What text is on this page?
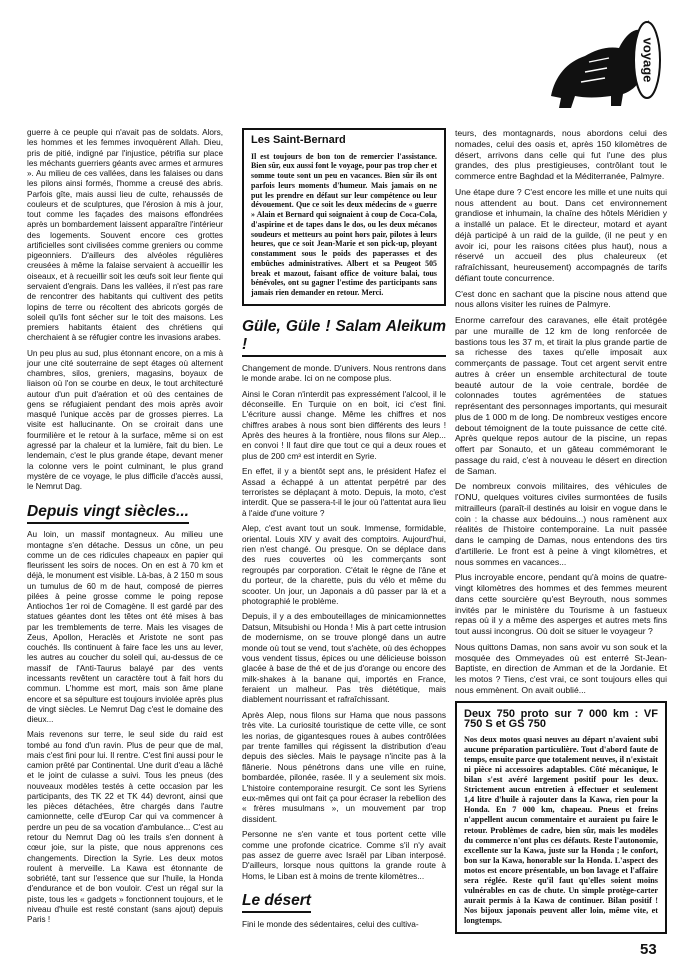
voyage

guerre à ce peuple qui n'avait pas de soldats. Alors, les hommes et les femmes invoquèrent Allah. Dieu, pris de pitié, indigné par l'injustice, pétrifia sur place les méchants guerriers géants avec armes et armures ». Au milieu de ces vallées, dans les falaises ou dans les pilons ainsi formés, l'homme a creusé des abris. Parfois gîte, mais aussi lieu de culte, rehaussés de couleurs et de sculptures, que l'érosion à mis à jour, tout comme les façades des maisons effondrées après un bombardement laissent apparaître l'intérieur des logements. Souvent encore ces grottes artificielles sont civilisées comme greniers ou comme pigeonniers. D'ailleurs des alvéoles régulières creusées à même la falaise servaient à accueillir les oiseaux, et à recueillir soit les œufs soit leur fiente qui servaient d'engrais. Dans les vallées, il n'est pas rare de rencontrer des habitants qui cultivent des petits lopins de terre ou récoltent des abricots gorgés de soleil qu'ils font sécher sur le toit des maisons. Les premiers habitants étaient des chrétiens qui cherchaient à se réfugier contre les invasions arabes.

Un peu plus au sud, plus étonnant encore, on a mis à jour une cité souterraine de sept étages où alternent chambres, silos, greniers, magasins, boyaux de liaison où l'on se courbe en deux, le tout architecturé autour d'un puit d'aération et où des centaines de gens se réfugiaient pendant des mois après avoir masqué l'unique accès par de grosses pierres. La visite est hallucinante. On se croirait dans une fourmilière et le retour à la surface, même si on est agressé par la chaleur et la lumière, fait du bien. Le lendemain, c'est le plus grande étape, devant mener la colonne vers le point culminant, le plus grand mystère de ce voyage, le plus difficile d'accès aussi, le Nemrut Dag.

Depuis vingt siècles...

Au loin, un massif montagneux. Au milieu une montagne s'en détache. Dessus un cône, un peu comme un de ces ridicules chapeaux en papier qui fleurissent les soirs de noces. On en est à 70 km et déjà, le monument est visible. Là-bas, à 2 150 m sous un tumulus de 60 m de haut, composé de pierres pilées à peine grosse comme le poing repose Antiochos 1er roi de Comagène. Il est gardé par des statues géantes dont les têtes ont été mises à bas par les tremblements de terre. Mais les visages de Zeus, Apollon, Heraclès et Aristote ne sont pas couchés. Ils continuent à faire face les uns au lever, les autres au coucher du soleil qui, au-dessus de ce massif de l'Anti-Taurus balayé par des vents incessants revêtent un caractère tout à fait hors du commun. L'homme est mort, mais son âme plane encore et sa sépulture est toujours inviolée après plus de vingt siècles. Le Nemrut Dag c'est le domaine des dieux...

Mais revenons sur terre, le seul side du raid est tombé au fond d'un ravin. Plus de peur que de mal, mais c'est fini pour lui. Il rentre. C'est fini aussi pour le camion prêté par Continental. Une durit d'eau a lâché et le joint de culasse a suivi. Tous les pneus (des nouveaux modèles testés à cette occasion par les participants, des TK 22 et TK 44) devront, ainsi que les pièces détachées, être chargés dans l'autre camionnette, celle d'Europ Car qui va commencer à perdre un peu de sa vocation d'ambulance... C'est au retour du Nemrut Dag où les trails s'en donnent à cœur joie, sur la piste, que nous apprenons ces changements. Direction la Syrie. Les deux motos roulent à merveille. La Kawa est étonnante de sobriété, tant sur l'essence que sur l'huile, la Honda d'endurance et de bon vouloir. C'est un régal sur la piste, tous les « gadgets » fonctionnent toujours, et le niveau d'huile est resté constant (sans ajout) depuis Paris !

Les Saint-Bernard
Il est toujours de bon ton de remercier l'assistance. Bien sûr, eux aussi font le voyage, pour pas trop cher et somme toute sont un peu en vacances. Bien sûr ils ont parfois leurs moments d'humeur. Mais jamais on ne put les prendre en défaut sur leur compétence ou leur dévouement. Que ce soit les deux médecins de « guerre » Alain et Bernard qui soignaient à coup de Coca-Cola, d'aspirine et de tapes dans le dos, ou les deux mécanos soudeurs et metteurs au point hors pair, pilotes à leurs heures, que ce soit Jean-Marie et son pick-up, ployant constamment sous le poids des paperasses et des embûches administratives. Albert et sa Peugeot 505 break et mazout, faisant office de voiture balai, tous bénévoles, ont su gagner l'estime des participants sans jamais rien demander en retour. Merci.
Güle, Güle ! Salam Aleikum !

Changement de monde. D'univers. Nous rentrons dans le monde arabe. Ici on ne compose plus.

Ainsi le Coran n'interdit pas expressément l'alcool, il le déconseille. En Turquie on en boit, ici c'est fini. L'écriture aussi change. Même les chiffres et nos chiffres arabes à nous sont bien différents des leurs ! Après des heures à la frontière, nous filons sur Alep... en convoi ! Il faut dire que tout ce qui a deux roues et plus de 200 cm³ est interdit en Syrie.

En effet, il y a bientôt sept ans, le président Hafez el Assad a échappé à un attentat perpétré par des terroristes se déplaçant à moto. Depuis, la moto, c'est interdit. Que se passera-t-il le jour où l'attentat aura lieu à l'aide d'une voiture ?

Alep, c'est avant tout un souk. Immense, formidable, oriental. Louis XIV y avait des comptoirs. Aujourd'hui, rien n'est changé. Ou presque. On se déplace dans des rues couvertes où les commerçants sont regroupés par corporation. C'était le règne de l'âne et du porteur, de la charette, puis du vélo et même du scooter. Un jour, un Japonais a dû passer par là et a photographié le problème.

Depuis, il y a des embouteillages de minicamionnettes Datsun, Mitsubishi ou Honda ! Mis à part cette intrusion de modernisme, on se trouve plongé dans un autre monde où tout se vend, tout s'achète, où des échoppes vous vendent tissus, épices ou une délicieuse boisson glacée à base de thé et de jus d'orange ou encore des milk-shakes à la banane qui, importés en France, feraient un malheur. Pas très diététique, mais diablement nourrissant et rafraîchissant.

Après Alep, nous filons sur Hama que nous passons très vite. La curiosité touristique de cette ville, ce sont les norias, de gigantesques roues à aubes contrôlées par trente familles qui régissent la distribution d'eau depuis des siècles. Mais le paysage n'incite pas à la flânerie. Nous pénétrons dans une ville en ruine, bombardée, pilonée, rasée. Il y a seulement six mois. L'histoire contemporaine resurgit. Ce sont les Syriens eux-mêmes qui ont fait ça pour écraser la rebellion des « frères musulmans », un mouvement par trop dissident.

Personne ne s'en vante et tous portent cette ville comme une profonde cicatrice. Comme s'il n'y avait pas assez de guerre avec Israël par Liban interposé. D'ailleurs, lorsque nous quittons la grande route à Homs, le Liban est à moins de trente kilomètres...

Le désert

Fini le monde des sédentaires, celui des cultiva-

teurs, des montagnards, nous abordons celui des nomades, celui des oasis et, après 150 kilomètres de désert, arrivons dans celle qui fut l'une des plus grandes, des plus prestigieuses, contrôlant tout le commerce entre Baghdad et la Méditerranée, Palmyre.

Une étape dure ? C'est encore les mille et une nuits qui nous attendent au bout. Dans cet environnement grandiose et inhumain, la chaîne des hôtels Méridien y a installé un palace. Et le directeur, motard et ayant déjà participé à un raid de la guilde, (il ne peut y en avoir ici, pour les raisons citées plus haut), nous a réservé un accueil des plus chaleureux (et rafraîchissant, heureusement) accompagnés de tarifs défiant toute concurrence.

C'est donc en sachant que la piscine nous attend que nous allons visiter les ruines de Palmyre.

Enorme carrefour des caravanes, elle était protégée par une muraille de 12 km de long renforcée de bastions tous les 37 m, et tirait la plus grande partie de sa richesse des taxes qu'elle imposait aux commerçants de passage. Tout cet argent servit entre autres à créer un ensemble architectural de toute beauté autour de la voie centrale, bordée de colonnades toutes agrémentées de statues représentant des personnages importants, qui mesurait plus de 1 000 m de long. De nombreux vestiges encore debout témoignent de la toute puissance de cette cité. Après quelque repos autour de la piscine, un repas offert par Sonauto, et un gâteau commémorant le passage du raid, c'est à nouveau le désert en direction de Saman.

De nombreux convois militaires, des véhicules de l'ONU, quelques voitures civiles surmontées de fusils mitrailleurs (paraît-il destinés au loisir en vogue dans le coin : la chasse aux bédouins...) nous ramènent aux réalités de l'histoire contemporaine. La nuit passée dans le camping de Damas, nous entendons des tirs d'artillerie. Le front est à peine à vingt kilomètres, et nous sommes en vacances...

Plus incroyable encore, pendant qu'à moins de quatre-vingt kilomètres des hommes et des femmes meurent dans cette sourcière qu'est Beyrouth, nous sommes invités par le ministère du Tourisme à un fastueux repas où il y a même des asperges et autres mets fins tout aussi incongrus. Où doit se situer le voyageur ?

Nous quittons Damas, non sans avoir vu son souk et la mosquée des Ommeyades où est enterré St-Jean-Baptiste, en direction de Amman et de la Jordanie. Et les motos ? Tiens, c'est vrai, ce sont toujours elles qui nous emmènent. On avait oublié...

Deux 750 proto sur 7 000 km : VF 750 S et GS 750
Nos deux motos quasi neuves au départ n'avaient subi aucune préparation particulière. Tout d'abord faute de temps, ensuite parce que totalement neuves, il n'existait ni pièce ni accessoires adaptables. Côté mécanique, le bilan s'est avéré largement positif pour les deux. Strictement aucun entretien à effectuer et seulement 1,4 litre d'huile à rajouter dans la Kawa, rien pour la Honda. En 7 000 km, chapeau. Pneus et freins n'appellent aucun commentaire et auraient pu faire le retour. Problèmes de cadre, bien sûr, mais les modèles du commerce n'ont plus ces défauts. Reste l'autonomie, excellente sur la Kawa, juste sur la Honda ; le confort, bon sur la Kawa, honorable sur la Honda. L'aspect des motos est encore présentable, un bon lavage et l'affaire sera réglée. Reste qu'il faut qu'elles soient moins vulnérables en cas de chute. Un simple protège-carter aurait permis à la Kawa de continuer. Bilan positif ! Nos bijoux japonais peuvent aller loin, même vite, et longtemps.
53
